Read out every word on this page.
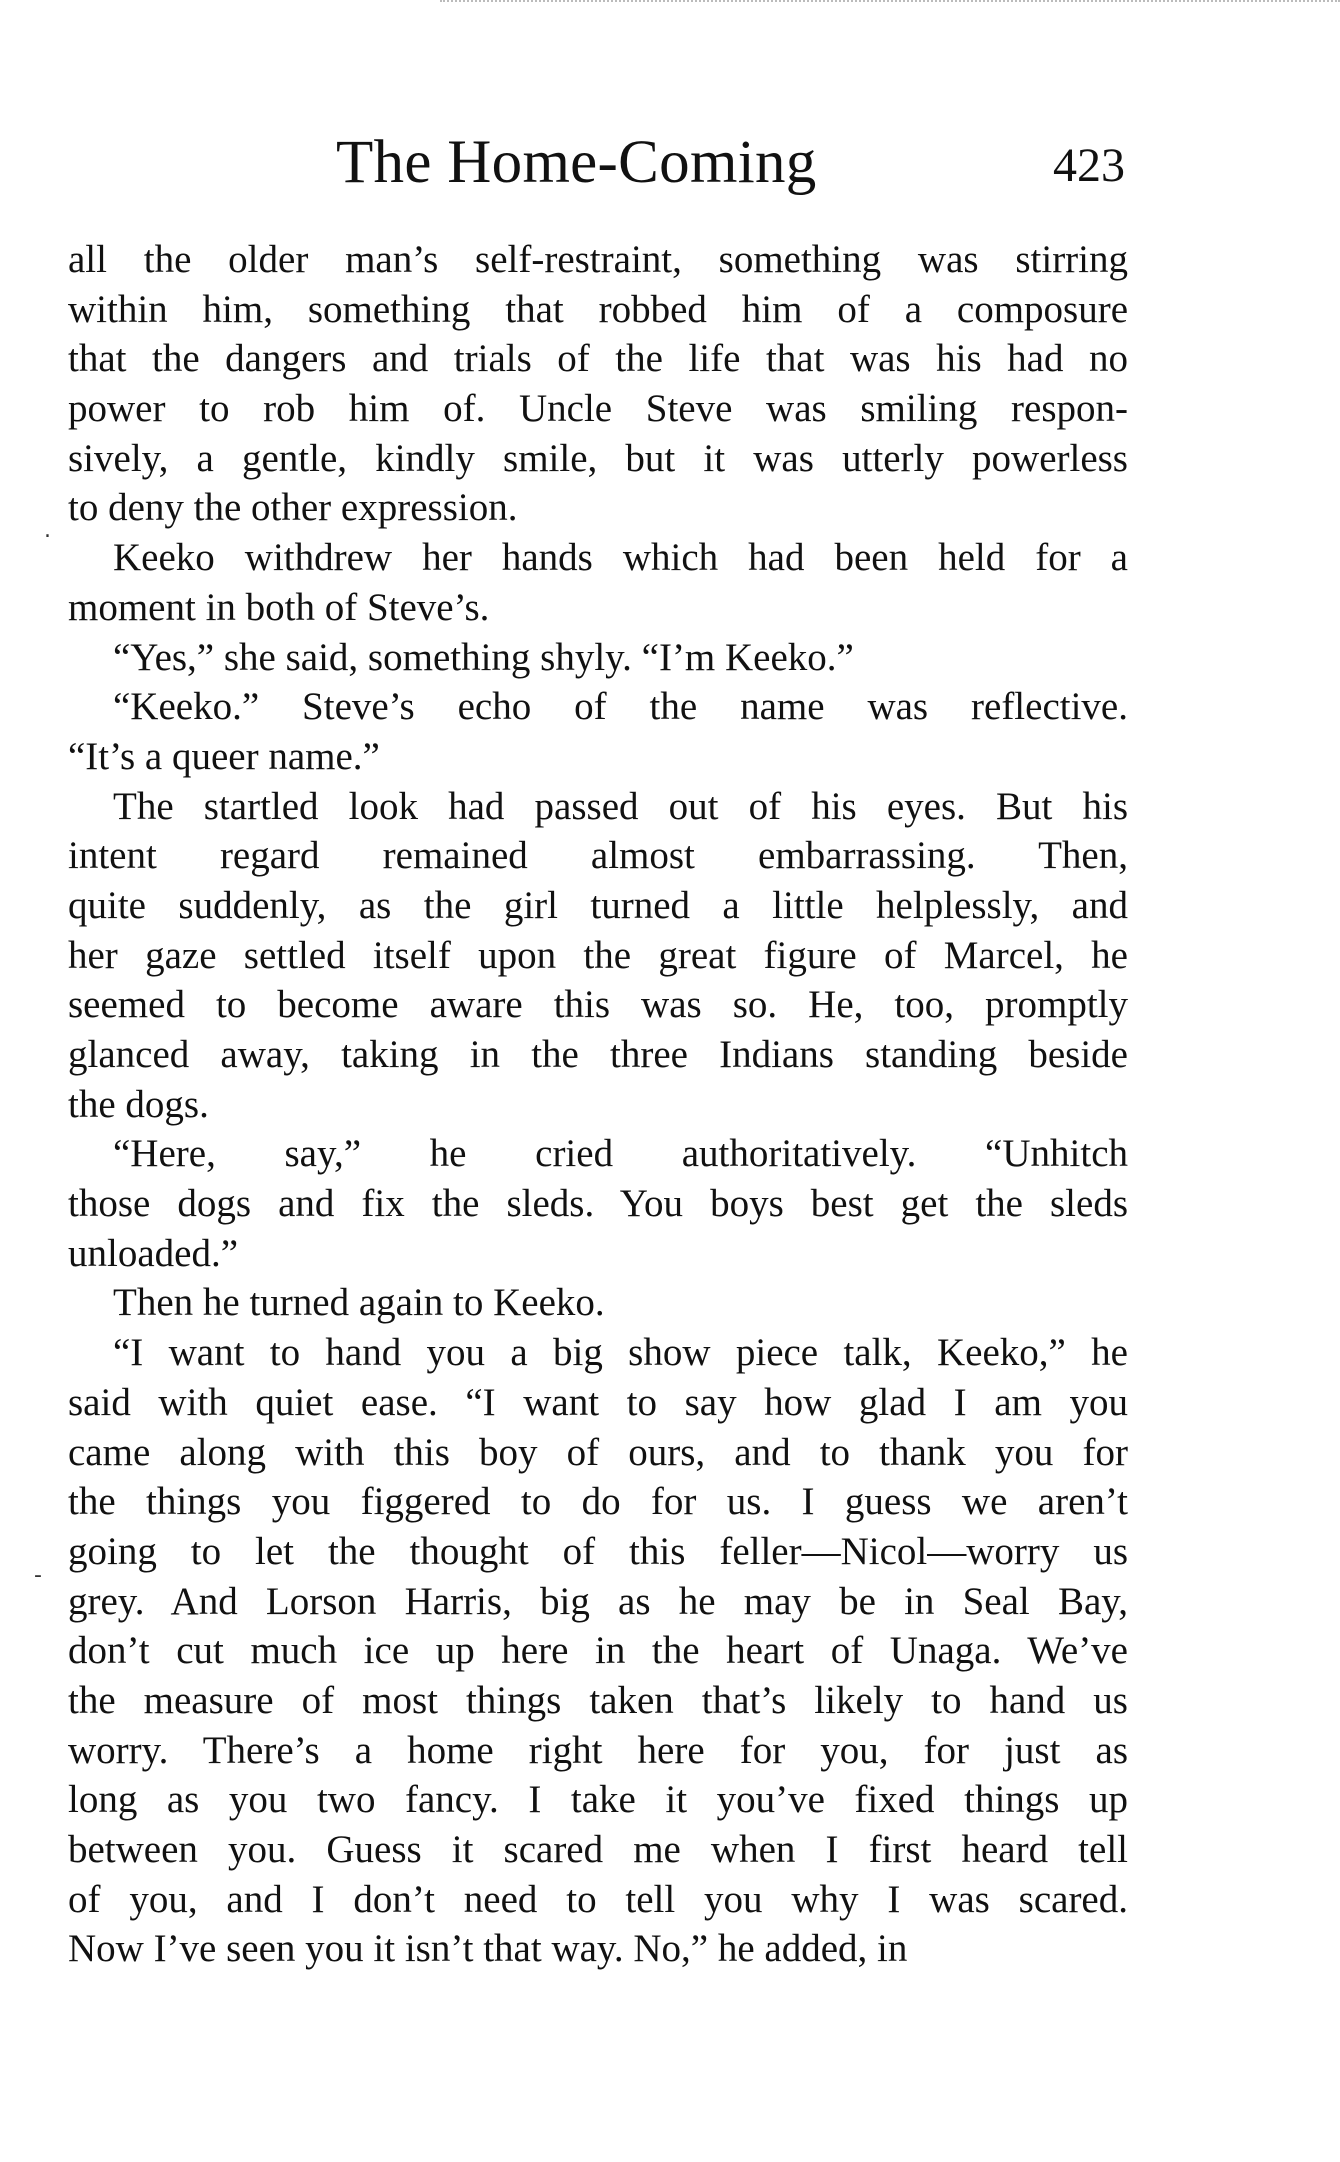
The Home-Coming	423
all the older man’s self-restraint, something was stirring
within him, something that robbed him of a composure
that the dangers and trials of the life that was his had no
power to rob him of. Uncle Steve was smiling respon-
sively, a gentle, kindly smile, but it was utterly powerless
to deny the other expression.
Keeko withdrew her hands which had been held for a
moment in both of Steve’s.
“Yes,” she said, something shyly. “I’m Keeko.”
“Keeko.” Steve’s echo of the name was reflective.
“It’s a queer name.”
The startled look had passed out of his eyes. But his
intent regard remained almost embarrassing. Then,
quite suddenly, as the girl turned a little helplessly, and
her gaze settled itself upon the great figure of Marcel, he
seemed to become aware this was so. He, too, promptly
glanced away, taking in the three Indians standing beside
the dogs.
“Here, say,” he cried authoritatively. “Unhitch
those dogs and fix the sleds. You boys best get the sleds
unloaded.”
Then he turned again to Keeko.
“I want to hand you a big show piece talk, Keeko,” he
said with quiet ease. “I want to say how glad I am you
came along with this boy of ours, and to thank you for
the things you figgered to do for us. I guess we aren’t
going to let the thought of this feller—Nicol—worry us
grey. And Lorson Harris, big as he may be in Seal Bay,
don’t cut much ice up here in the heart of Unaga. We’ve
the measure of most things taken that’s likely to hand us
worry. There’s a home right here for you, for just as
long as you two fancy. I take it you’ve fixed things up
between you. Guess it scared me when I first heard tell
of you, and I don’t need to tell you why I was scared.
Now I’ve seen you it isn’t that way. No,” he added, in
.
‐
